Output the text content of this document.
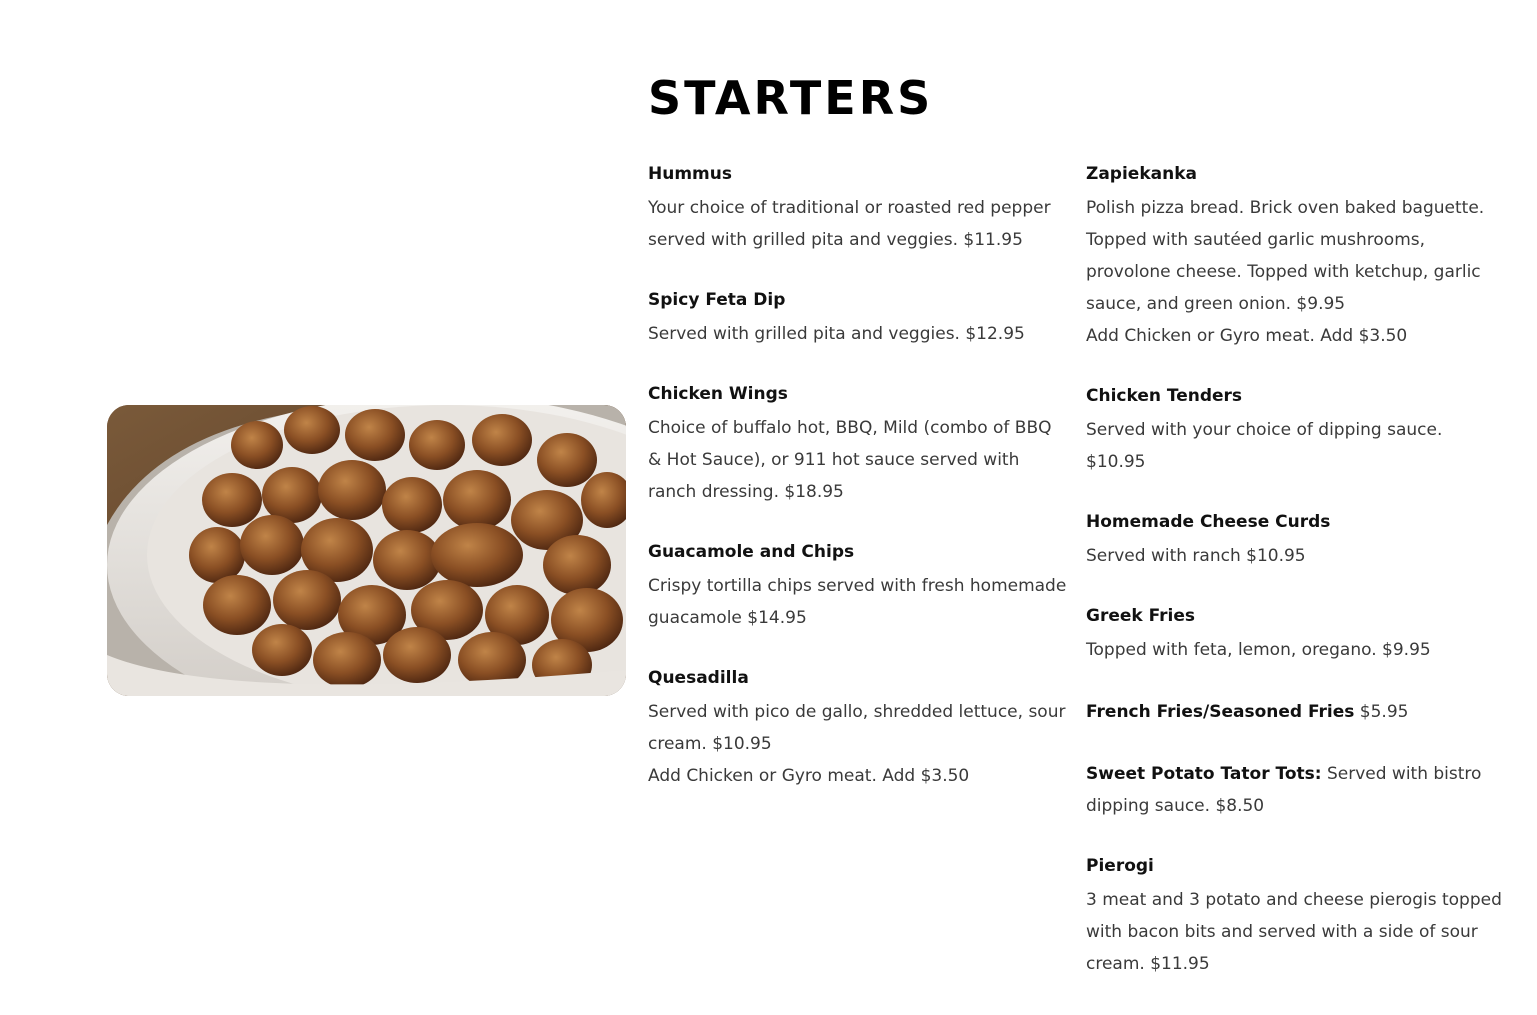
STARTERS
Hummus

Your choice of traditional or roasted red pepper served with grilled pita and veggies. $11.95

Spicy Feta Dip

Served with grilled pita and veggies. $12.95

Chicken Wings

Choice of buffalo hot, BBQ, Mild (combo of BBQ & Hot Sauce), or 911 hot sauce served with ranch dressing. $18.95

Guacamole and Chips

Crispy tortilla chips served with fresh homemade guacamole $14.95

Quesadilla

Served with pico de gallo, shredded lettuce, sour cream. $10.95

Add Chicken or Gyro meat. Add $3.50

Zapiekanka

Polish pizza bread. Brick oven baked baguette. Topped with sautéed garlic mushrooms, provolone cheese. Topped with ketchup, garlic sauce, and green onion. $9.95

Add Chicken or Gyro meat. Add $3.50

Chicken Tenders

Served with your choice of dipping sauce. $10.95

Homemade Cheese Curds

Served with ranch $10.95

Greek Fries

Topped with feta, lemon, oregano. $9.95

French Fries/Seasoned Fries $5.95

Sweet Potato Tator Tots: Served with bistro dipping sauce. $8.50

Pierogi

3 meat and 3 potato and cheese pierogis topped with bacon bits and served with a side of sour cream. $11.95
